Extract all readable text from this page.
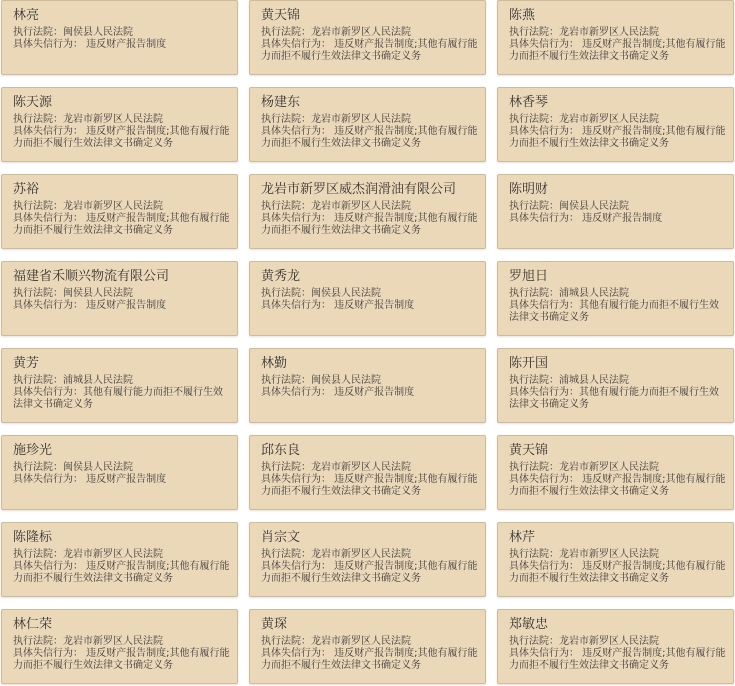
林亮
执行法院：闽侯县人民法院
具体失信行为： 违反财产报告制度
黄天锦
执行法院：龙岩市新罗区人民法院
具体失信行为： 违反财产报告制度;其他有履行能力而拒不履行生效法律文书确定义务
陈燕
执行法院：龙岩市新罗区人民法院
具体失信行为： 违反财产报告制度;其他有履行能力而拒不履行生效法律文书确定义务
陈天源
执行法院：龙岩市新罗区人民法院
具体失信行为： 违反财产报告制度;其他有履行能力而拒不履行生效法律文书确定义务
杨建东
执行法院：龙岩市新罗区人民法院
具体失信行为： 违反财产报告制度;其他有履行能力而拒不履行生效法律文书确定义务
林香琴
执行法院：龙岩市新罗区人民法院
具体失信行为： 违反财产报告制度;其他有履行能力而拒不履行生效法律文书确定义务
苏裕
执行法院：龙岩市新罗区人民法院
具体失信行为： 违反财产报告制度;其他有履行能力而拒不履行生效法律文书确定义务
龙岩市新罗区威杰润滑油有限公司
执行法院：龙岩市新罗区人民法院
具体失信行为： 违反财产报告制度;其他有履行能力而拒不履行生效法律文书确定义务
陈明财
执行法院：闽侯县人民法院
具体失信行为： 违反财产报告制度
福建省禾顺兴物流有限公司
执行法院：闽侯县人民法院
具体失信行为： 违反财产报告制度
黄秀龙
执行法院：闽侯县人民法院
具体失信行为： 违反财产报告制度
罗旭日
执行法院：浦城县人民法院
具体失信行为：其他有履行能力而拒不履行生效法律文书确定义务
黄芳
执行法院：浦城县人民法院
具体失信行为：其他有履行能力而拒不履行生效法律文书确定义务
林勤
执行法院：闽侯县人民法院
具体失信行为： 违反财产报告制度
陈开国
执行法院：浦城县人民法院
具体失信行为：其他有履行能力而拒不履行生效法律文书确定义务
施珍光
执行法院：闽侯县人民法院
具体失信行为： 违反财产报告制度
邱东良
执行法院：龙岩市新罗区人民法院
具体失信行为： 违反财产报告制度;其他有履行能力而拒不履行生效法律文书确定义务
黄天锦
执行法院：龙岩市新罗区人民法院
具体失信行为： 违反财产报告制度;其他有履行能力而拒不履行生效法律文书确定义务
陈隆标
执行法院：龙岩市新罗区人民法院
具体失信行为： 违反财产报告制度;其他有履行能力而拒不履行生效法律文书确定义务
肖宗文
执行法院：龙岩市新罗区人民法院
具体失信行为： 违反财产报告制度;其他有履行能力而拒不履行生效法律文书确定义务
林芹
执行法院：龙岩市新罗区人民法院
具体失信行为： 违反财产报告制度;其他有履行能力而拒不履行生效法律文书确定义务
林仁荣
执行法院：龙岩市新罗区人民法院
具体失信行为： 违反财产报告制度;其他有履行能力而拒不履行生效法律文书确定义务
黄琛
执行法院：龙岩市新罗区人民法院
具体失信行为： 违反财产报告制度;其他有履行能力而拒不履行生效法律文书确定义务
郑敏忠
执行法院：龙岩市新罗区人民法院
具体失信行为： 违反财产报告制度;其他有履行能力而拒不履行生效法律文书确定义务
